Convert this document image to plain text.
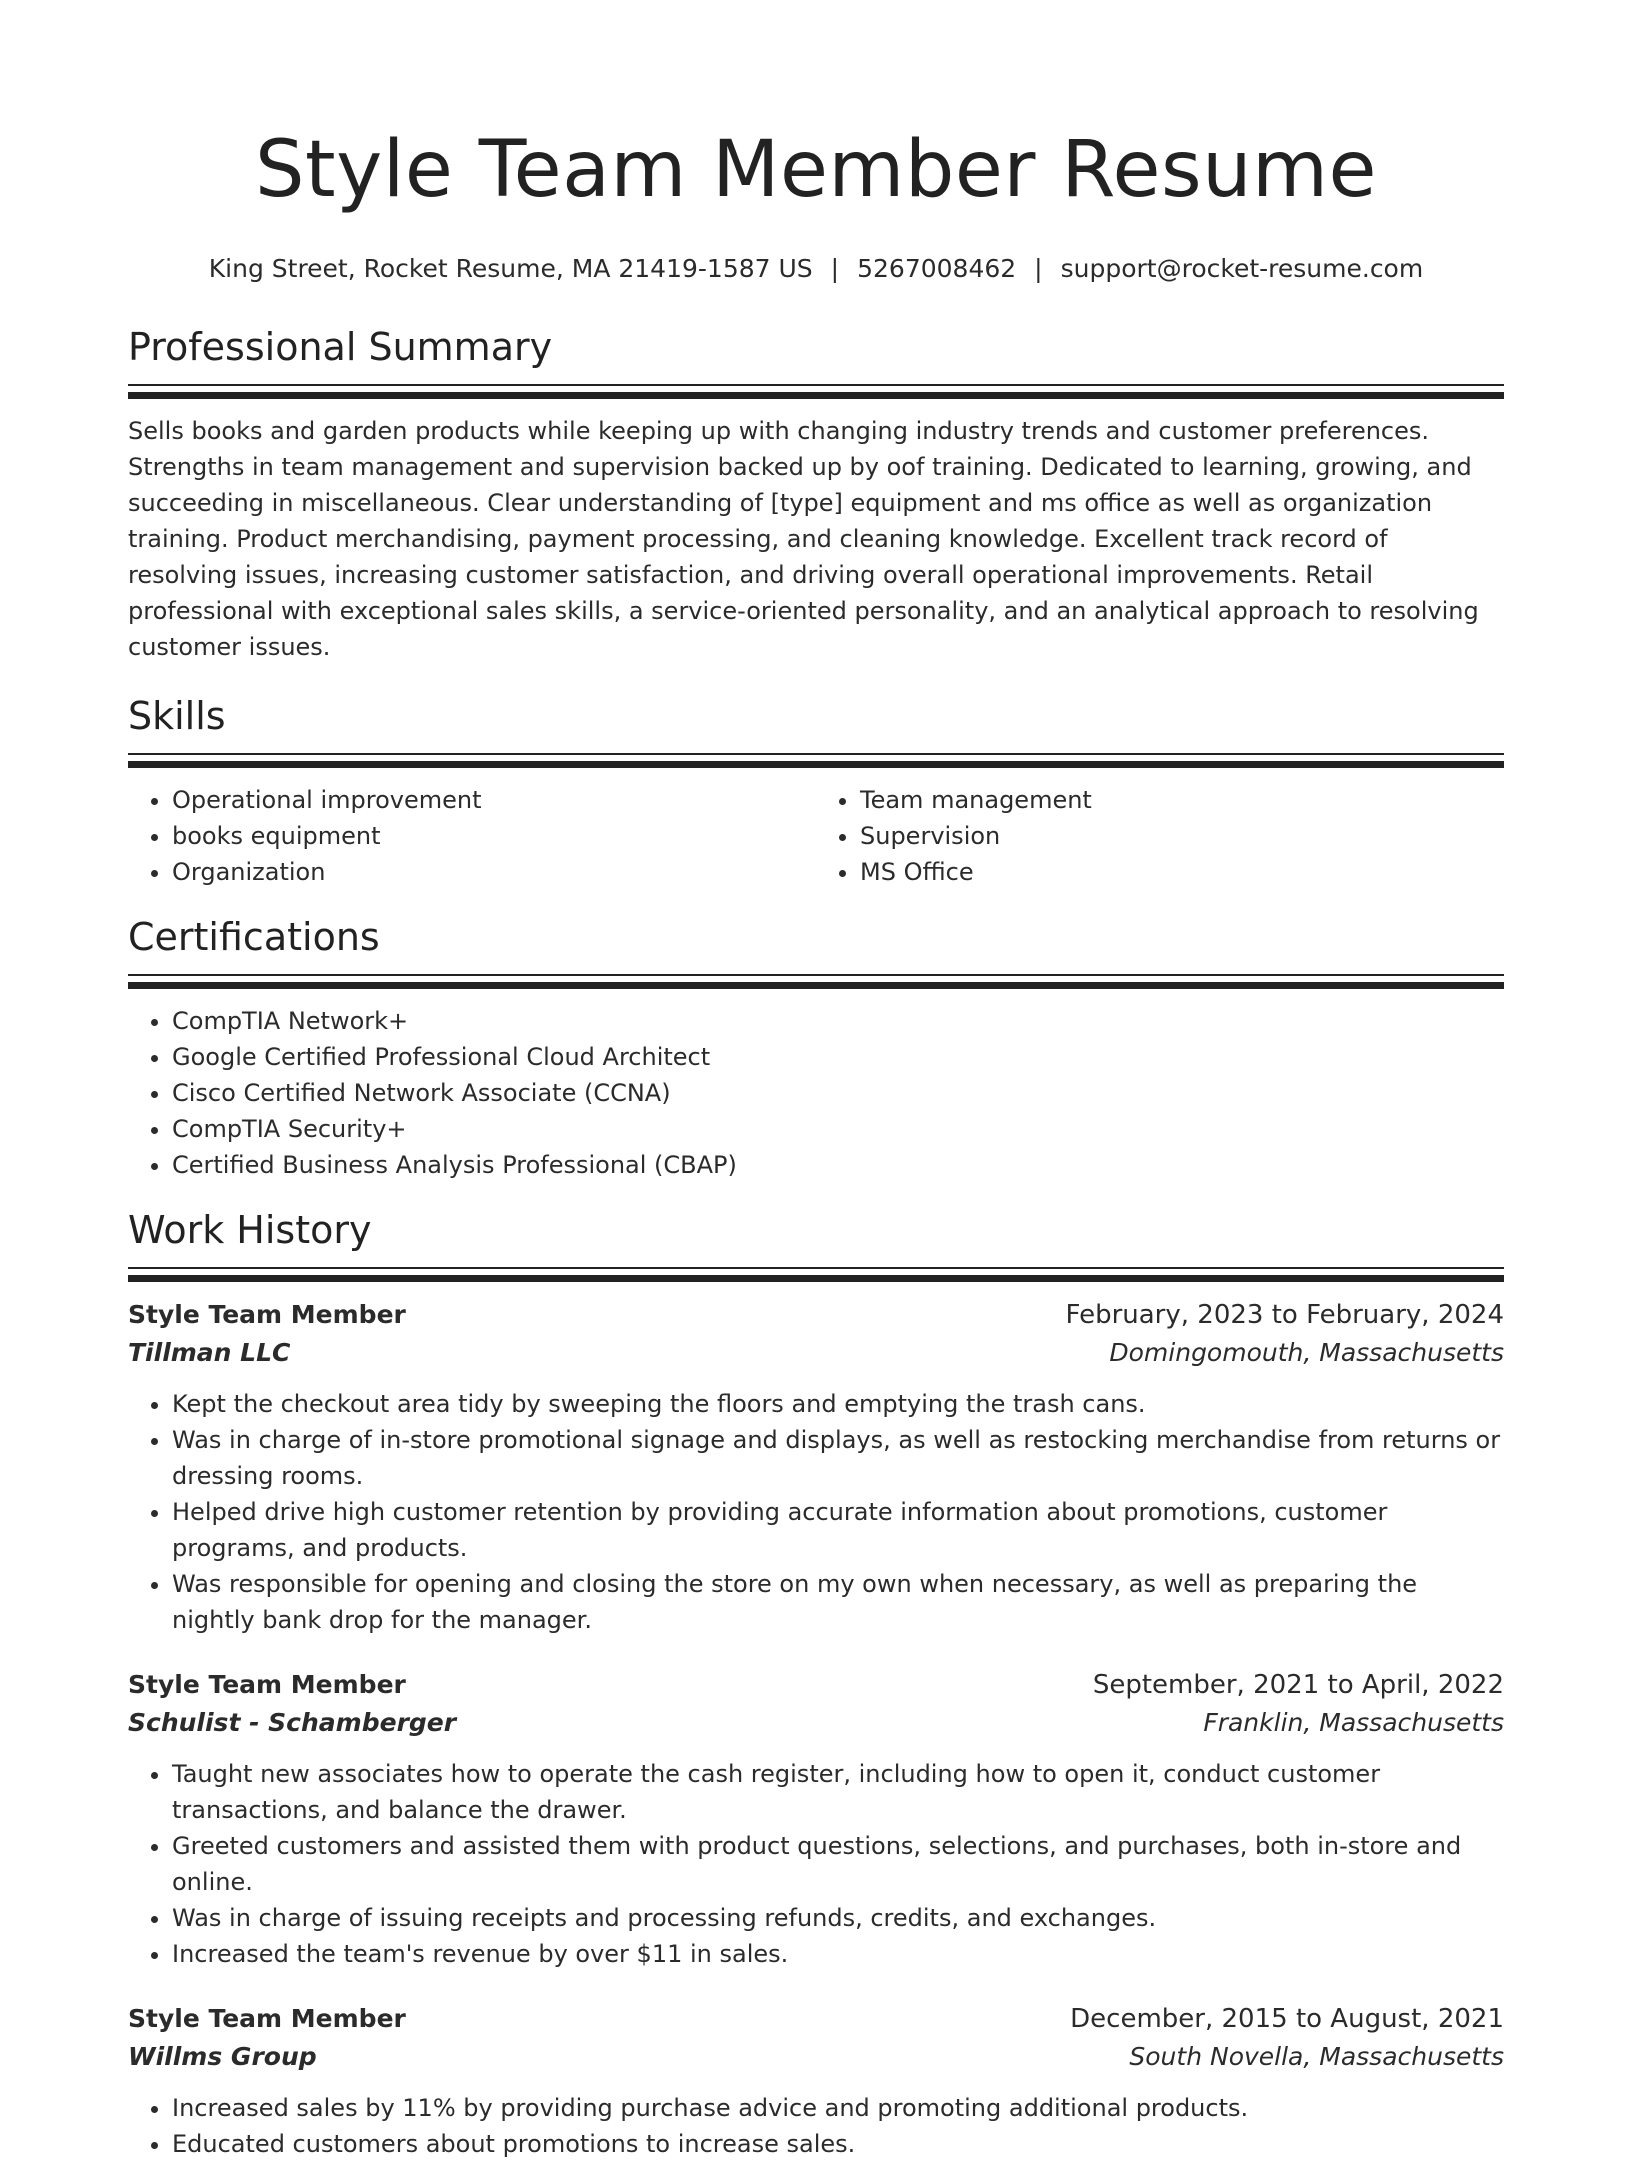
Style Team Member Resume
King Street, Rocket Resume, MA 21419-1587 US | 5267008462 | support@rocket-resume.com
Professional Summary

Sells books and garden products while keeping up with changing industry trends and customer preferences. Strengths in team management and supervision backed up by oof training. Dedicated to learning, growing, and succeeding in miscellaneous. Clear understanding of [type] equipment and ms office as well as organization training. Product merchandising, payment processing, and cleaning knowledge. Excellent track record of resolving issues, increasing customer satisfaction, and driving overall operational improvements. Retail professional with exceptional sales skills, a service-oriented personality, and an analytical approach to resolving customer issues.

Skills
• Operational improvement
• books equipment
• Organization
• Team management
• Supervision
• MS Office
Certifications
• CompTIA Network+
• Google Certified Professional Cloud Architect
• Cisco Certified Network Associate (CCNA)
• CompTIA Security+
• Certified Business Analysis Professional (CBAP)
Work History
Style Team Member	February, 2023 to February, 2024
Tillman LLC	Domingomouth, Massachusetts
• Kept the checkout area tidy by sweeping the floors and emptying the trash cans.
• Was in charge of in-store promotional signage and displays, as well as restocking merchandise from returns or dressing rooms.
• Helped drive high customer retention by providing accurate information about promotions, customer programs, and products.
• Was responsible for opening and closing the store on my own when necessary, as well as preparing the nightly bank drop for the manager.
Style Team Member	September, 2021 to April, 2022
Schulist - Schamberger	Franklin, Massachusetts
• Taught new associates how to operate the cash register, including how to open it, conduct customer transactions, and balance the drawer.
• Greeted customers and assisted them with product questions, selections, and purchases, both in-store and online.
• Was in charge of issuing receipts and processing refunds, credits, and exchanges.
• Increased the team's revenue by over $11 in sales.
Style Team Member	December, 2015 to August, 2021
Willms Group	South Novella, Massachusetts
• Increased sales by 11% by providing purchase advice and promoting additional products.
• Educated customers about promotions to increase sales.
